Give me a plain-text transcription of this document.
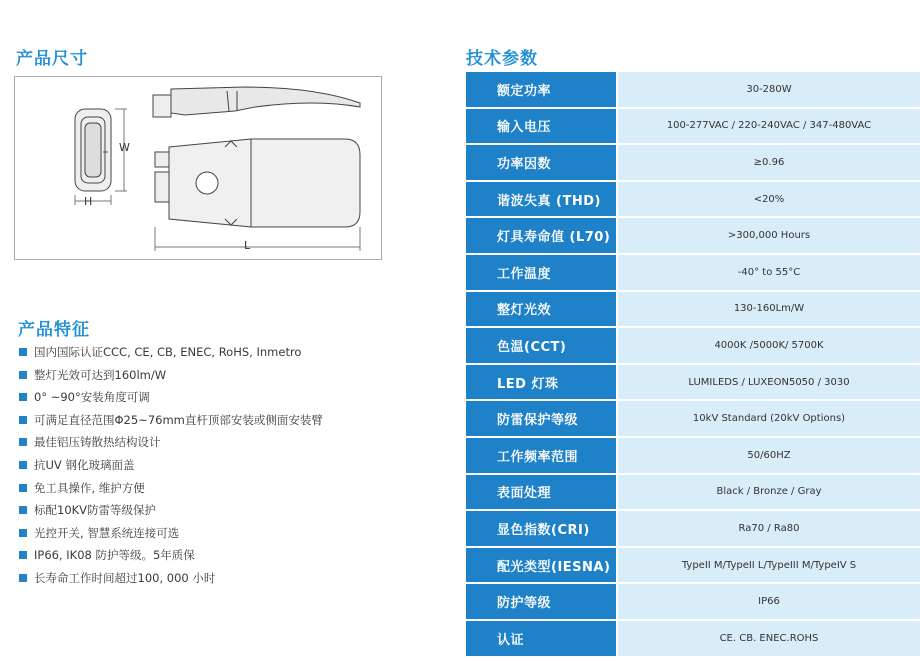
产品尺寸
W
H
L
产品特征
国内国际认证CCC, CE, CB, ENEC, RoHS, Inmetro
整灯光效可达到160lm/W
0° ~90°安装角度可调
可满足直径范围Φ25~76mm直杆顶部安装或侧面安装臂
最佳铝压铸散热结构设计
抗UV 钢化玻璃面盖
免工具操作, 维护方便
标配10KV防雷等级保护
光控开关, 智慧系统连接可选
IP66, IK08 防护等级。5年质保
长寿命工作时间超过100, 000 小时
技术参数
额定功率	30-280W
输入电压	100-277VAC / 220-240VAC / 347-480VAC
功率因数	≥0.96
谐波失真 (THD)	<20%
灯具寿命值 (L70)	>300,000 Hours
工作温度	-40° to 55°C
整灯光效	130-160Lm/W
色温(CCT)	4000K /5000K/ 5700K
LED 灯珠	LUMILEDS / LUXEON5050 / 3030
防雷保护等级	10kV Standard (20kV Options)
工作频率范围	50/60HZ
表面处理	Black / Bronze / Gray
显色指数(CRI)	Ra70 / Ra80
配光类型(IESNA)	TypeII M/TypeII L/TypeIII M/TypeIV S
防护等级	IP66
认证	CE. CB. ENEC.ROHS
